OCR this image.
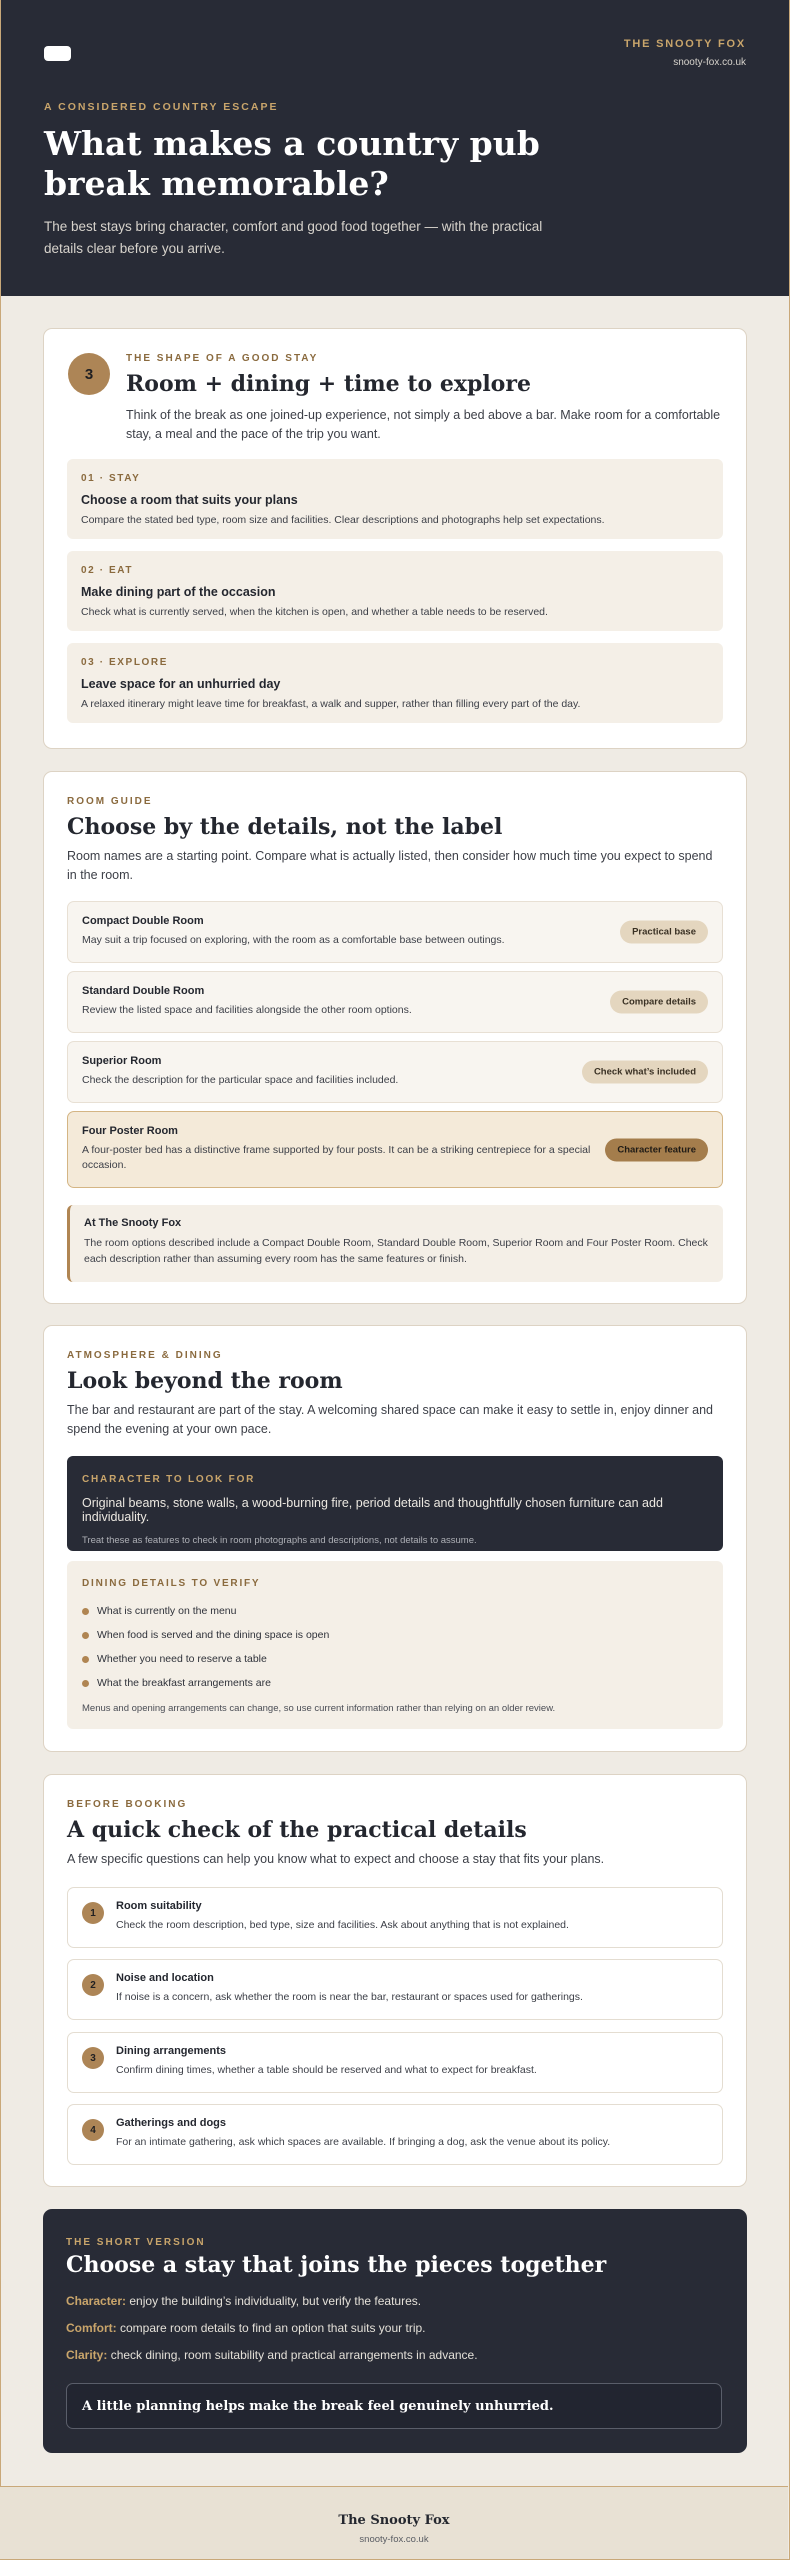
THE SNOOTY FOX
snooty-fox.co.uk
A CONSIDERED COUNTRY ESCAPE
What makes a country pub break memorable?

The best stays bring character, comfort and good food together — with the practical details clear before you arrive.

3
THE SHAPE OF A GOOD STAY
Room + dining + time to explore

Think of the break as one joined-up experience, not simply a bed above a bar. Make room for a comfortable stay, a meal and the pace of the trip you want.

01 · STAY
Choose a room that suits your plans
Compare the stated bed type, room size and facilities. Clear descriptions and photographs help set expectations.
02 · EAT
Make dining part of the occasion
Check what is currently served, when the kitchen is open, and whether a table needs to be reserved.
03 · EXPLORE
Leave space for an unhurried day
A relaxed itinerary might leave time for breakfast, a walk and supper, rather than filling every part of the day.
ROOM GUIDE
Choose by the details, not the label

Room names are a starting point. Compare what is actually listed, then consider how much time you expect to spend in the room.

Compact Double Room
May suit a trip focused on exploring, with the room as a comfortable base between outings.
Practical base
Standard Double Room
Review the listed space and facilities alongside the other room options.
Compare details
Superior Room
Check the description for the particular space and facilities included.
Check what’s included
Four Poster Room
A four-poster bed has a distinctive frame supported by four posts. It can be a striking centrepiece for a special occasion.
Character feature
At The Snooty Fox
The room options described include a Compact Double Room, Standard Double Room, Superior Room and Four Poster Room. Check each description rather than assuming every room has the same features or finish.
ATMOSPHERE & DINING
Look beyond the room

The bar and restaurant are part of the stay. A welcoming shared space can make it easy to settle in, enjoy dinner and spend the evening at your own pace.

CHARACTER TO LOOK FOR
Original beams, stone walls, a wood-burning fire, period details and thoughtfully chosen furniture can add individuality.
Treat these as features to check in room photographs and descriptions, not details to assume.
DINING DETAILS TO VERIFY
What is currently on the menu
When food is served and the dining space is open
Whether you need to reserve a table
What the breakfast arrangements are
Menus and opening arrangements can change, so use current information rather than relying on an older review.
BEFORE BOOKING
A quick check of the practical details

A few specific questions can help you know what to expect and choose a stay that fits your plans.

1
Room suitability
Check the room description, bed type, size and facilities. Ask about anything that is not explained.
2
Noise and location
If noise is a concern, ask whether the room is near the bar, restaurant or spaces used for gatherings.
3
Dining arrangements
Confirm dining times, whether a table should be reserved and what to expect for breakfast.
4
Gatherings and dogs
For an intimate gathering, ask which spaces are available. If bringing a dog, ask the venue about its policy.
THE SHORT VERSION
Choose a stay that joins the pieces together
Character: enjoy the building’s individuality, but verify the features.
Comfort: compare room details to find an option that suits your trip.
Clarity: check dining, room suitability and practical arrangements in advance.
A little planning helps make the break feel genuinely unhurried.
The Snooty Fox
snooty-fox.co.uk
